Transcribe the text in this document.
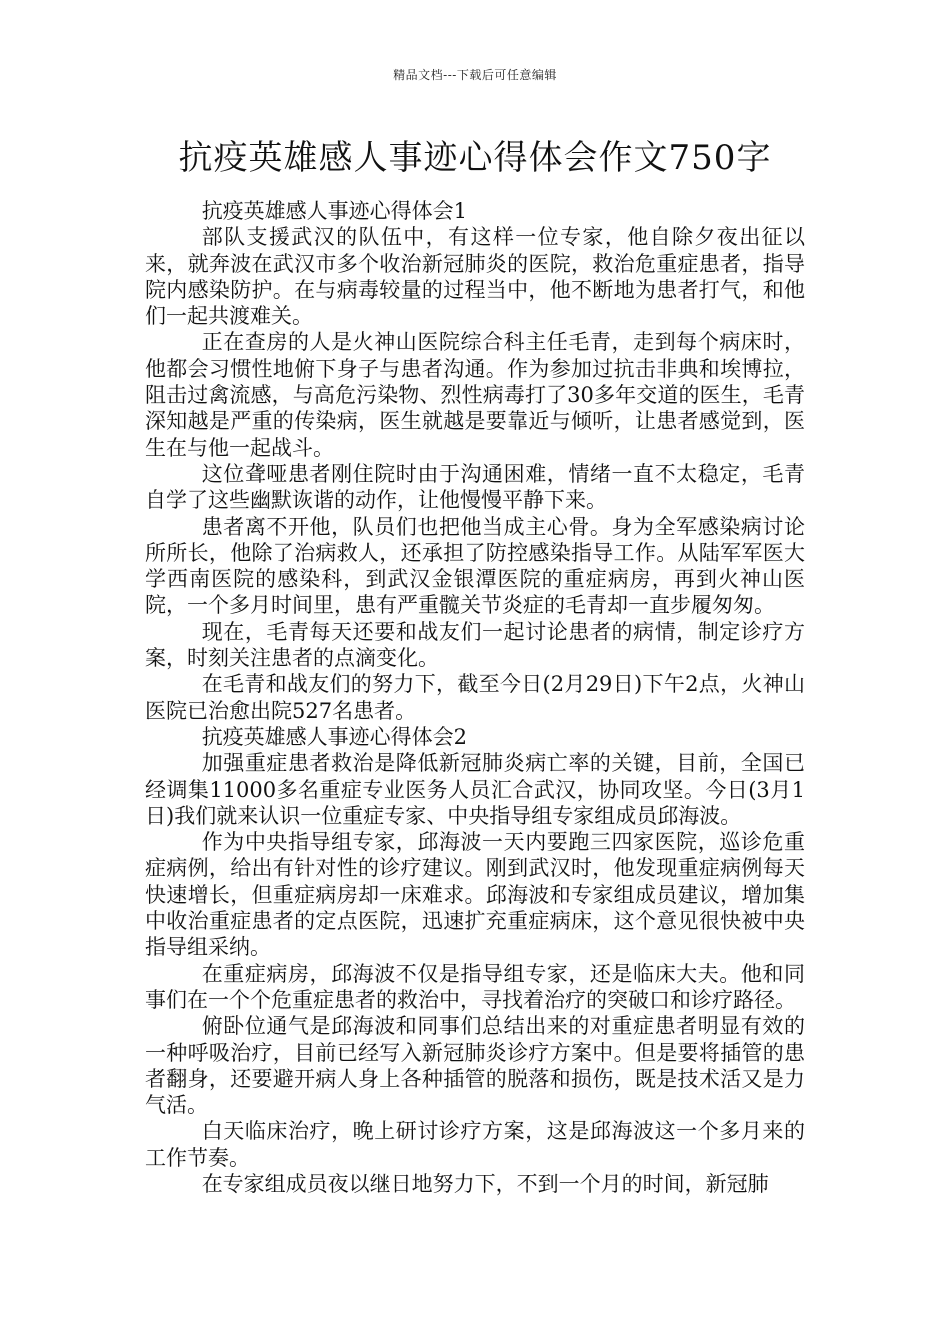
精品文档---下载后可任意编辑
抗疫英雄感人事迹心得体会作文750字

抗疫英雄感人事迹心得体会1

部队支援武汉的队伍中，有这样一位专家，他自除夕夜出征以来，就奔波在武汉市多个收治新冠肺炎的医院，救治危重症患者，指导院内感染防护。在与病毒较量的过程当中，他不断地为患者打气，和他们一起共渡难关。

正在查房的人是火神山医院综合科主任毛青，走到每个病床时，他都会习惯性地俯下身子与患者沟通。作为参加过抗击非典和埃博拉，阻击过禽流感，与高危污染物、烈性病毒打了30多年交道的医生，毛青深知越是严重的传染病，医生就越是要靠近与倾听，让患者感觉到，医生在与他一起战斗。

这位聋哑患者刚住院时由于沟通困难，情绪一直不太稳定，毛青自学了这些幽默诙谐的动作，让他慢慢平静下来。

患者离不开他，队员们也把他当成主心骨。身为全军感染病讨论所所长，他除了治病救人，还承担了防控感染指导工作。从陆军军医大学西南医院的感染科，到武汉金银潭医院的重症病房，再到火神山医院，一个多月时间里，患有严重髋关节炎症的毛青却一直步履匆匆。

现在，毛青每天还要和战友们一起讨论患者的病情，制定诊疗方案，时刻关注患者的点滴变化。

在毛青和战友们的努力下，截至今日(2月29日)下午2点，火神山医院已治愈出院527名患者。

抗疫英雄感人事迹心得体会2

加强重症患者救治是降低新冠肺炎病亡率的关键，目前，全国已经调集11000多名重症专业医务人员汇合武汉，协同攻坚。今日(3月1日)我们就来认识一位重症专家、中央指导组专家组成员邱海波。

作为中央指导组专家，邱海波一天内要跑三四家医院，巡诊危重症病例，给出有针对性的诊疗建议。刚到武汉时，他发现重症病例每天快速增长，但重症病房却一床难求。邱海波和专家组成员建议，增加集中收治重症患者的定点医院，迅速扩充重症病床，这个意见很快被中央指导组采纳。

在重症病房，邱海波不仅是指导组专家，还是临床大夫。他和同事们在一个个危重症患者的救治中，寻找着治疗的突破口和诊疗路径。

俯卧位通气是邱海波和同事们总结出来的对重症患者明显有效的一种呼吸治疗，目前已经写入新冠肺炎诊疗方案中。但是要将插管的患者翻身，还要避开病人身上各种插管的脱落和损伤，既是技术活又是力气活。

白天临床治疗，晚上研讨诊疗方案，这是邱海波这一个多月来的工作节奏。

在专家组成员夜以继日地努力下，不到一个月的时间，新冠肺
